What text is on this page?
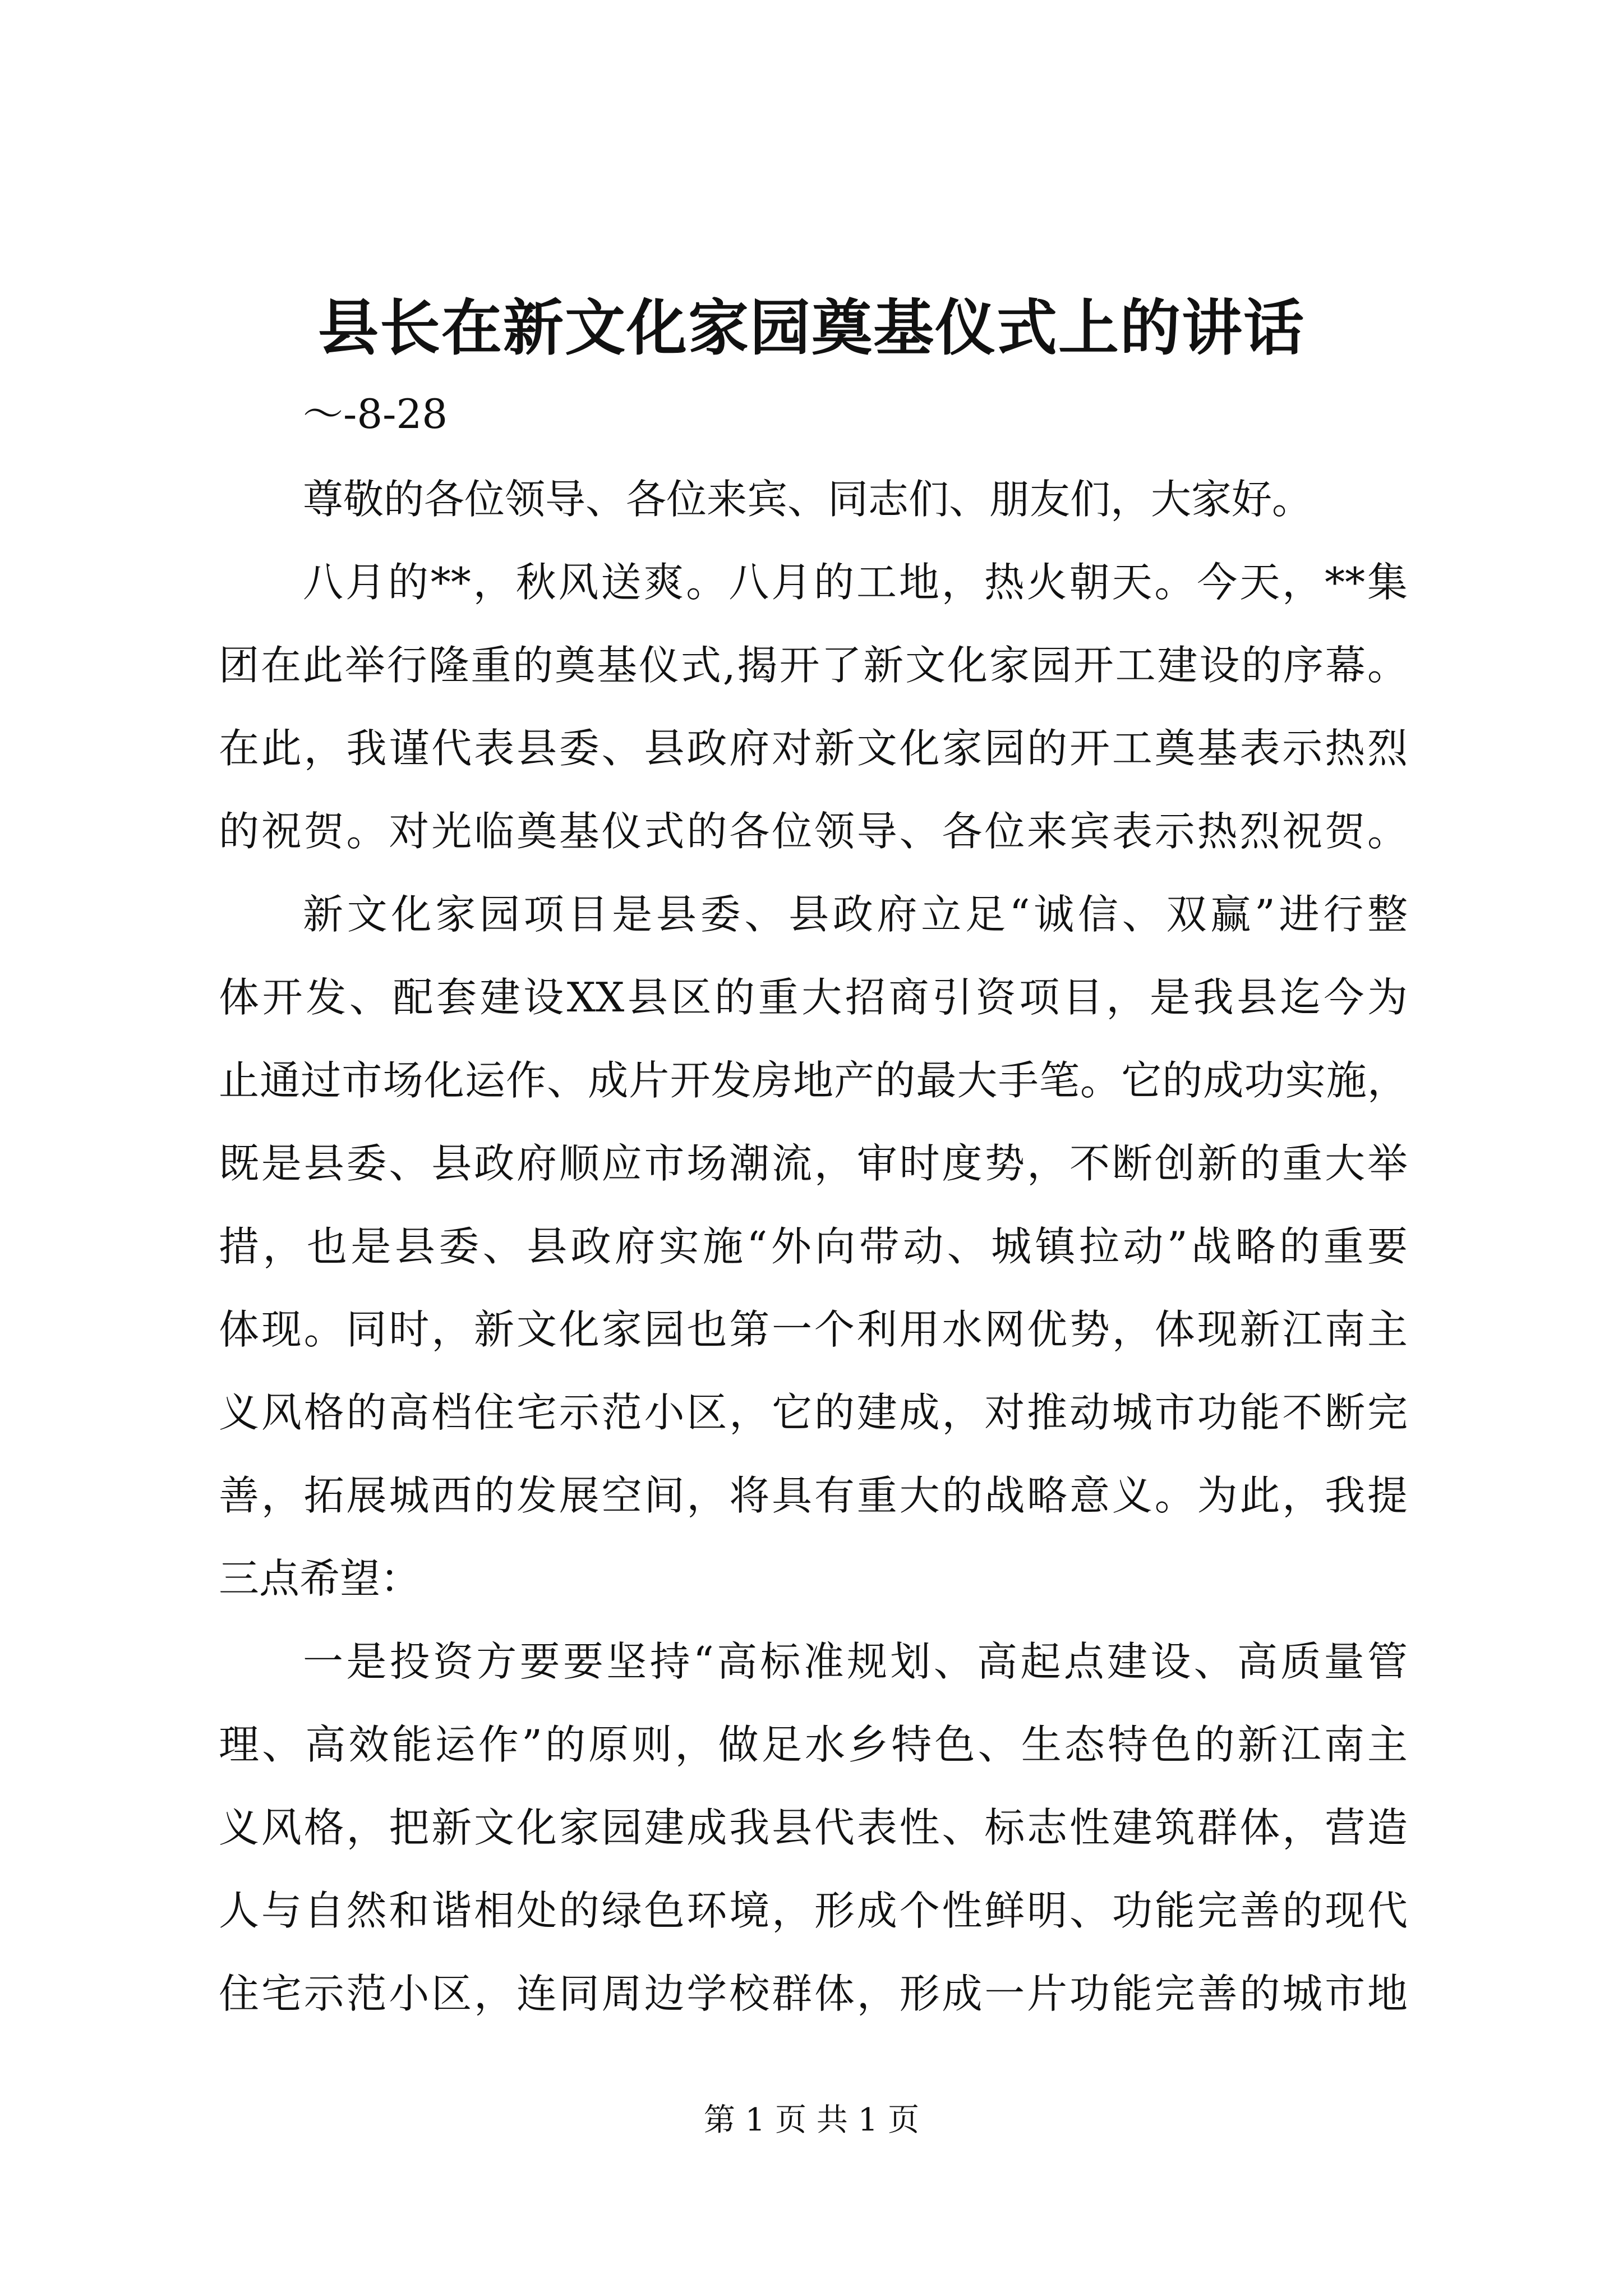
县长在新文化家园奠基仪式上的讲话
～-8-28
尊敬的各位领导、各位来宾、同志们、朋友们，大家好。
八月的**，秋风送爽。八月的工地，热火朝天。今天，**集
团在此举行隆重的奠基仪式,揭开了新文化家园开工建设的序幕。
在此，我谨代表县委、县政府对新文化家园的开工奠基表示热烈
的祝贺。对光临奠基仪式的各位领导、各位来宾表示热烈祝贺。
新文化家园项目是县委、县政府立足“诚信、双赢”进行整
体开发、配套建设XX县区的重大招商引资项目，是我县迄今为
止通过市场化运作、成片开发房地产的最大手笔。它的成功实施，
既是县委、县政府顺应市场潮流，审时度势，不断创新的重大举
措，也是县委、县政府实施“外向带动、城镇拉动”战略的重要
体现。同时，新文化家园也第一个利用水网优势，体现新江南主
义风格的高档住宅示范小区，它的建成，对推动城市功能不断完
善，拓展城西的发展空间，将具有重大的战略意义。为此，我提
三点希望：
一是投资方要要坚持“高标准规划、高起点建设、高质量管
理、高效能运作”的原则，做足水乡特色、生态特色的新江南主
义风格，把新文化家园建成我县代表性、标志性建筑群体，营造
人与自然和谐相处的绿色环境，形成个性鲜明、功能完善的现代
住宅示范小区，连同周边学校群体，形成一片功能完善的城市地
第 1 页 共 1 页
